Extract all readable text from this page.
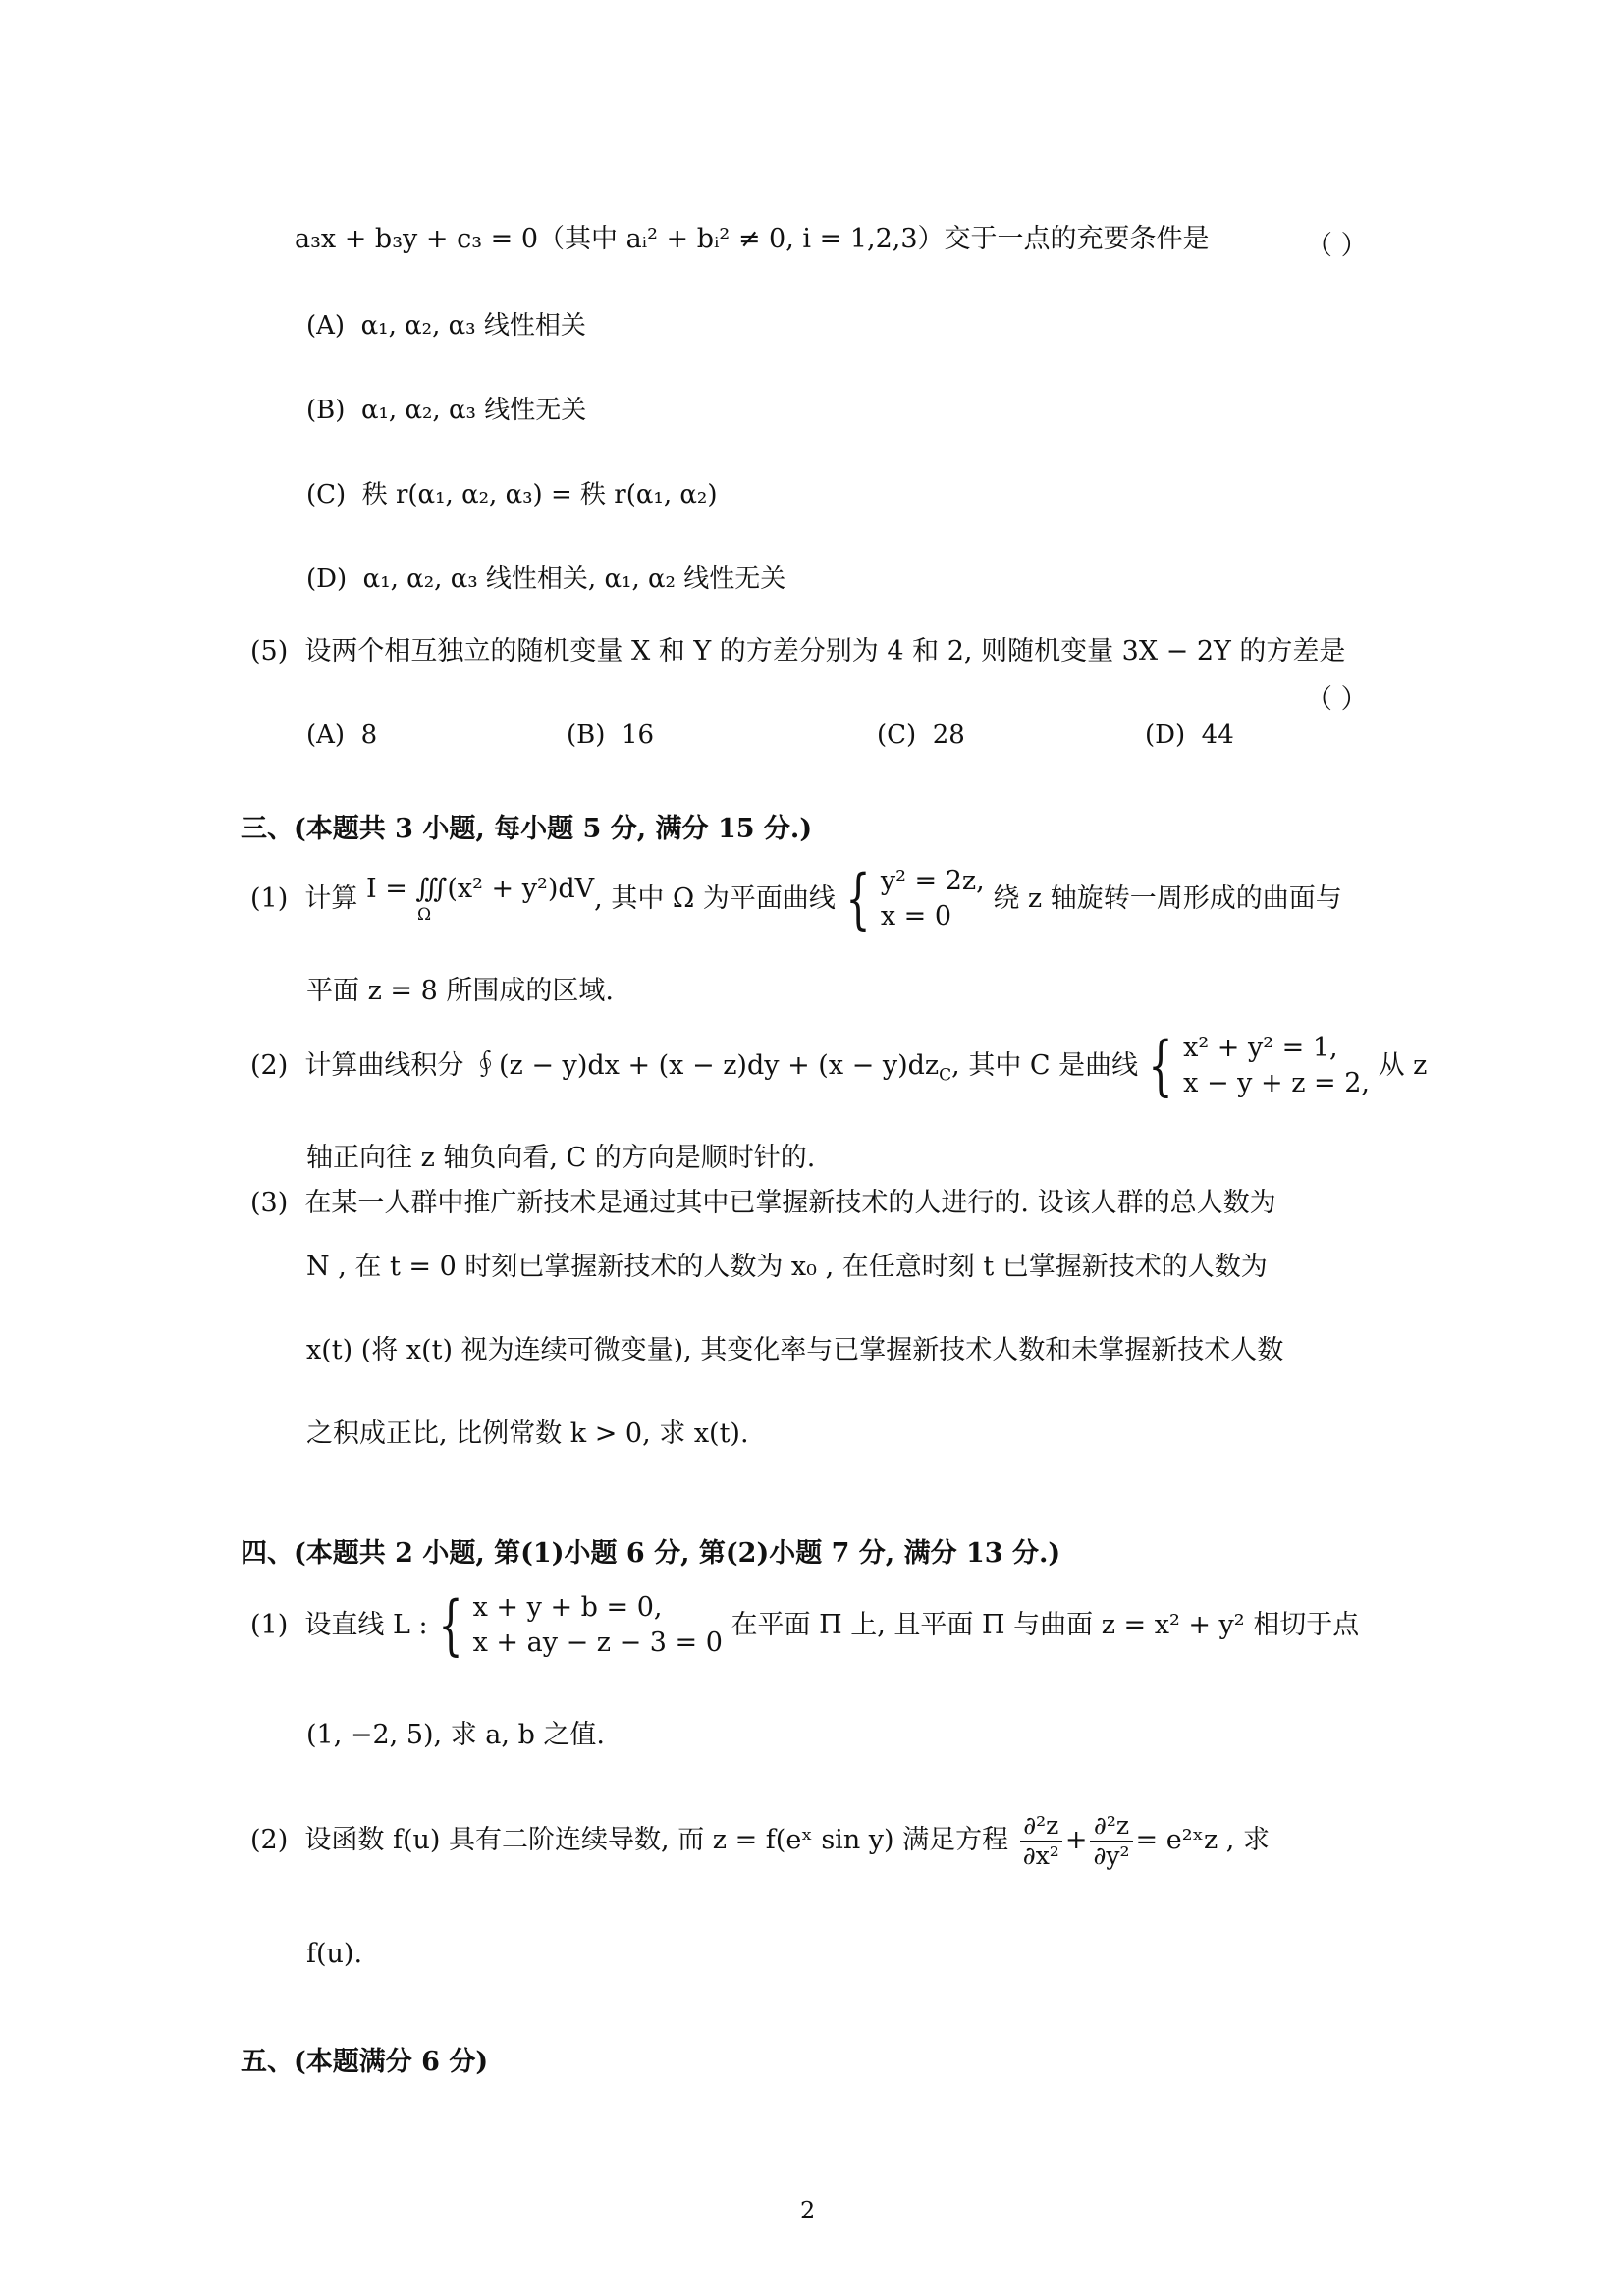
a₃x + b₃y + c₃ = 0（其中 aᵢ² + bᵢ² ≠ 0, i = 1,2,3）交于一点的充要条件是	（ ）
(A) α₁, α₂, α₃ 线性相关
(B) α₁, α₂, α₃ 线性无关
(C) 秩 r(α₁, α₂, α₃) = 秩 r(α₁, α₂)
(D) α₁, α₂, α₃ 线性相关, α₁, α₂ 线性无关
(5) 设两个相互独立的随机变量 X 和 Y 的方差分别为 4 和 2, 则随机变量 3X − 2Y 的方差是
（ ）
(A) 8	(B) 16	(C) 28	(D) 44
三、(本题共 3 小题, 每小题 5 分, 满分 15 分.)
(1) 计算 I = ∭(x² + y²)dV
Ω
, 其中 Ω 为平面曲线 { y² = 2z,
x = 0
绕 z 轴旋转一周形成的曲面与
平面 z = 8 所围成的区域.
(2) 计算曲线积分 ∮(z − $y)dx + (x - z)dy + (x - y)dz_C$, 其中 C 是曲线 { x² + y² = 1,
x − y + z = 2,
从 z
轴正向往 z 轴负向看, C 的方向是顺时针的.
(3) 在某一人群中推广新技术是通过其中已掌握新技术的人进行的. 设该人群的总人数为
N , 在 t = 0 时刻已掌握新技术的人数为 x₀ , 在任意时刻 t 已掌握新技术的人数为
x(t) (将 x(t) 视为连续可微变量), 其变化率与已掌握新技术人数和未掌握新技术人数
之积成正比, 比例常数 k > 0, 求 x(t).
四、(本题共 2 小题, 第(1)小题 6 分, 第(2)小题 7 分, 满分 13 分.)
(1) 设直线 L : { x + y + b = 0,
x + ay − z − 3 = 0
在平面 Π 上, 且平面 Π 与曲面 z = x² + y² 相切于点
(1, −2, 5), 求 a, b 之值.
(2) 设函数 f(u) 具有二阶连续导数, 而 z = f(eˣ sin y) 满足方程 $\frac{\text{∂²z}}{\text{∂x²}} + \frac{\text{∂²z}}{\text{∂y²}}$ = e²ˣz , 求
f(u).
五、(本题满分 6 分)
2
